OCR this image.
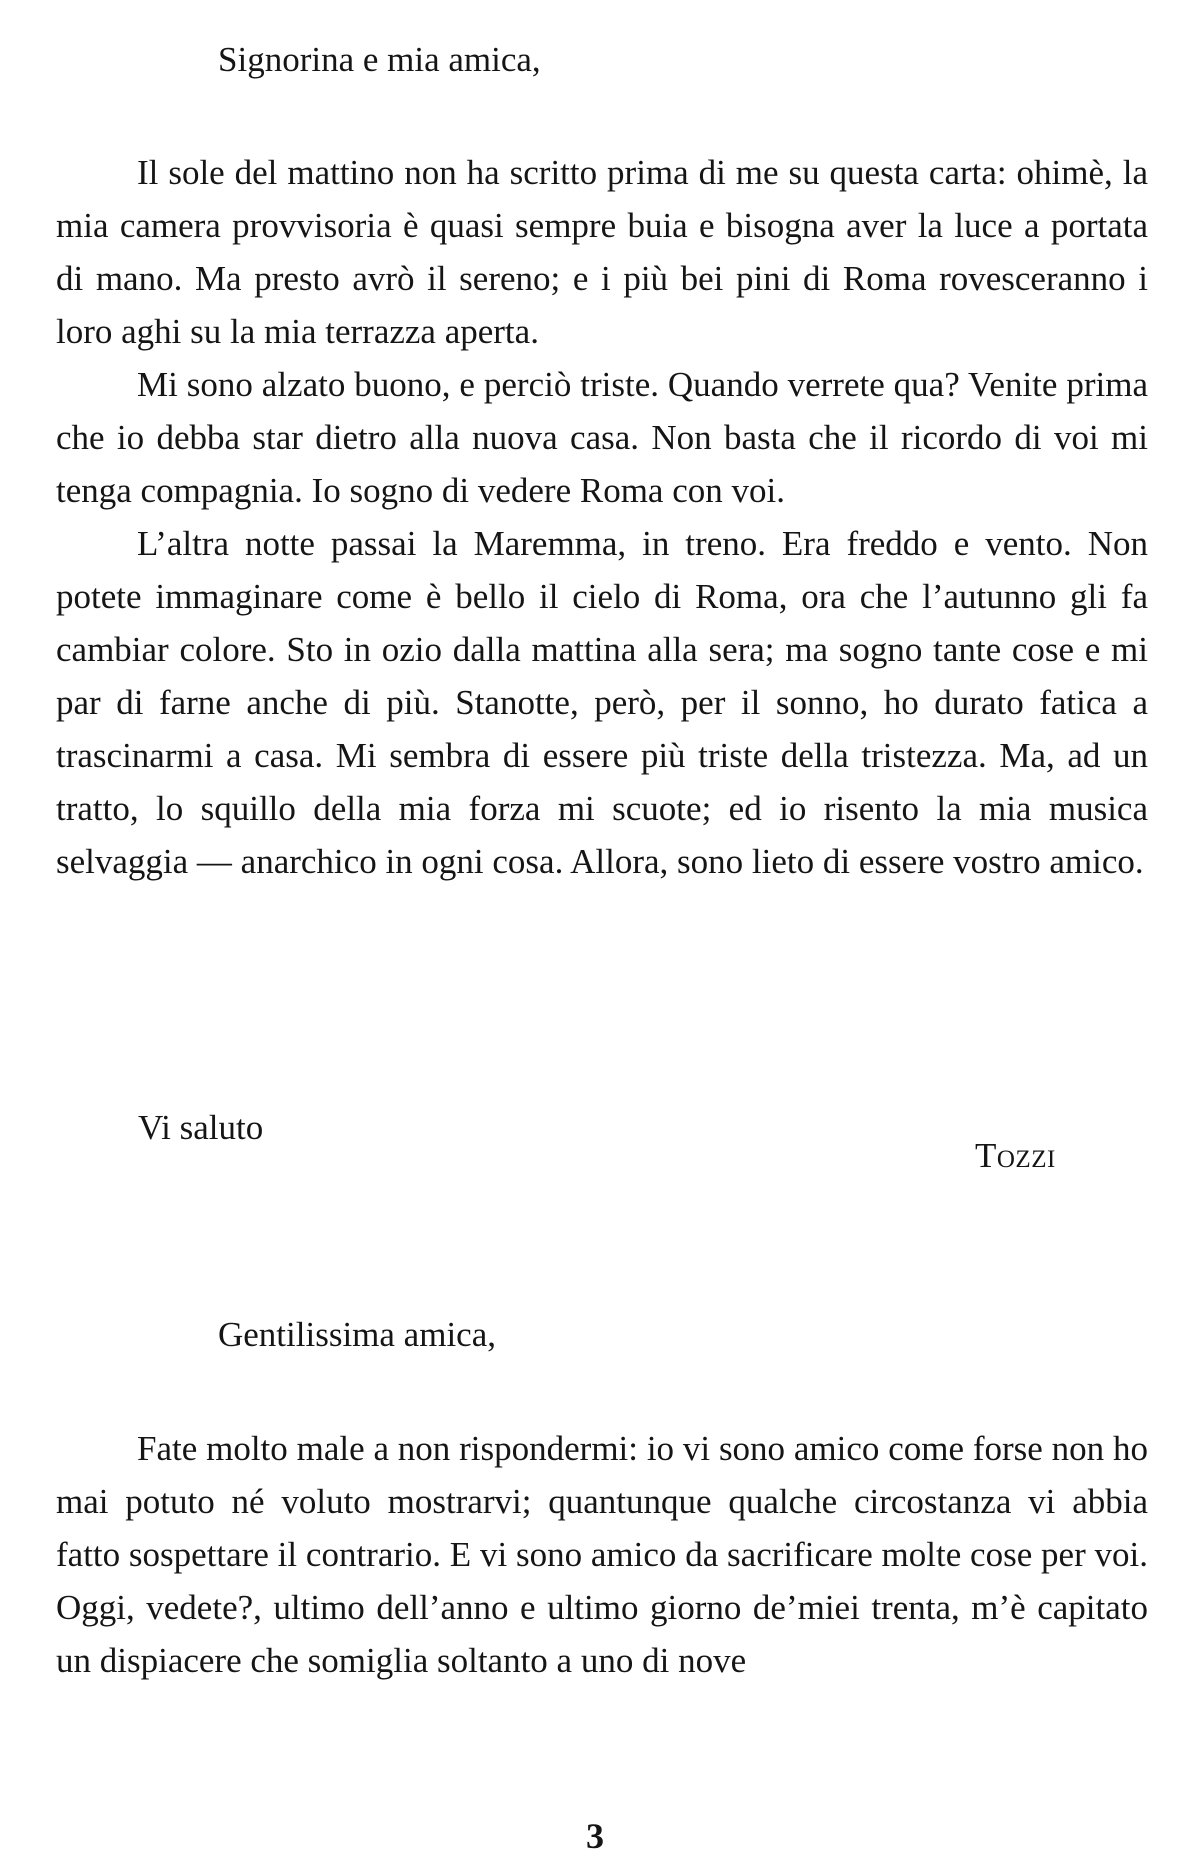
Signorina e mia amica,

Il sole del mattino non ha scritto prima di me su questa carta: ohimè, la mia camera provvisoria è quasi sempre buia e bisogna aver la luce a portata di mano. Ma presto avrò il sereno; e i più bei pini di Roma rovesceranno i loro aghi su la mia terrazza aperta.

Mi sono alzato buono, e perciò triste. Quando verrete qua? Venite prima che io debba star dietro alla nuova casa. Non basta che il ricordo di voi mi tenga compagnia. Io sogno di vedere Roma con voi.

L’altra notte passai la Maremma, in treno. Era freddo e vento. Non potete immaginare come è bello il cielo di Roma, ora che l’autunno gli fa cambiar colore. Sto in ozio dalla mattina alla sera; ma sogno tante cose e mi par di farne anche di più. Stanotte, però, per il sonno, ho durato fatica a trascinarmi a casa. Mi sembra di essere più triste della tristezza. Ma, ad un tratto, lo squillo della mia forza mi scuote; ed io risento la mia musica selvaggia — anarchico in ogni cosa. Allora, sono lieto di essere vostro amico.

Vi saluto
Tozzi
Gentilissima amica,

Fate molto male a non rispondermi: io vi sono amico come forse non ho mai potuto né voluto mostrarvi; quantunque qualche circostanza vi abbia fatto sospettare il contrario. E vi sono amico da sacrificare molte cose per voi. Oggi, vedete?, ultimo dell’anno e ultimo giorno de’miei trenta, m’è capitato un dispiacere che somiglia soltanto a uno di nove

3
